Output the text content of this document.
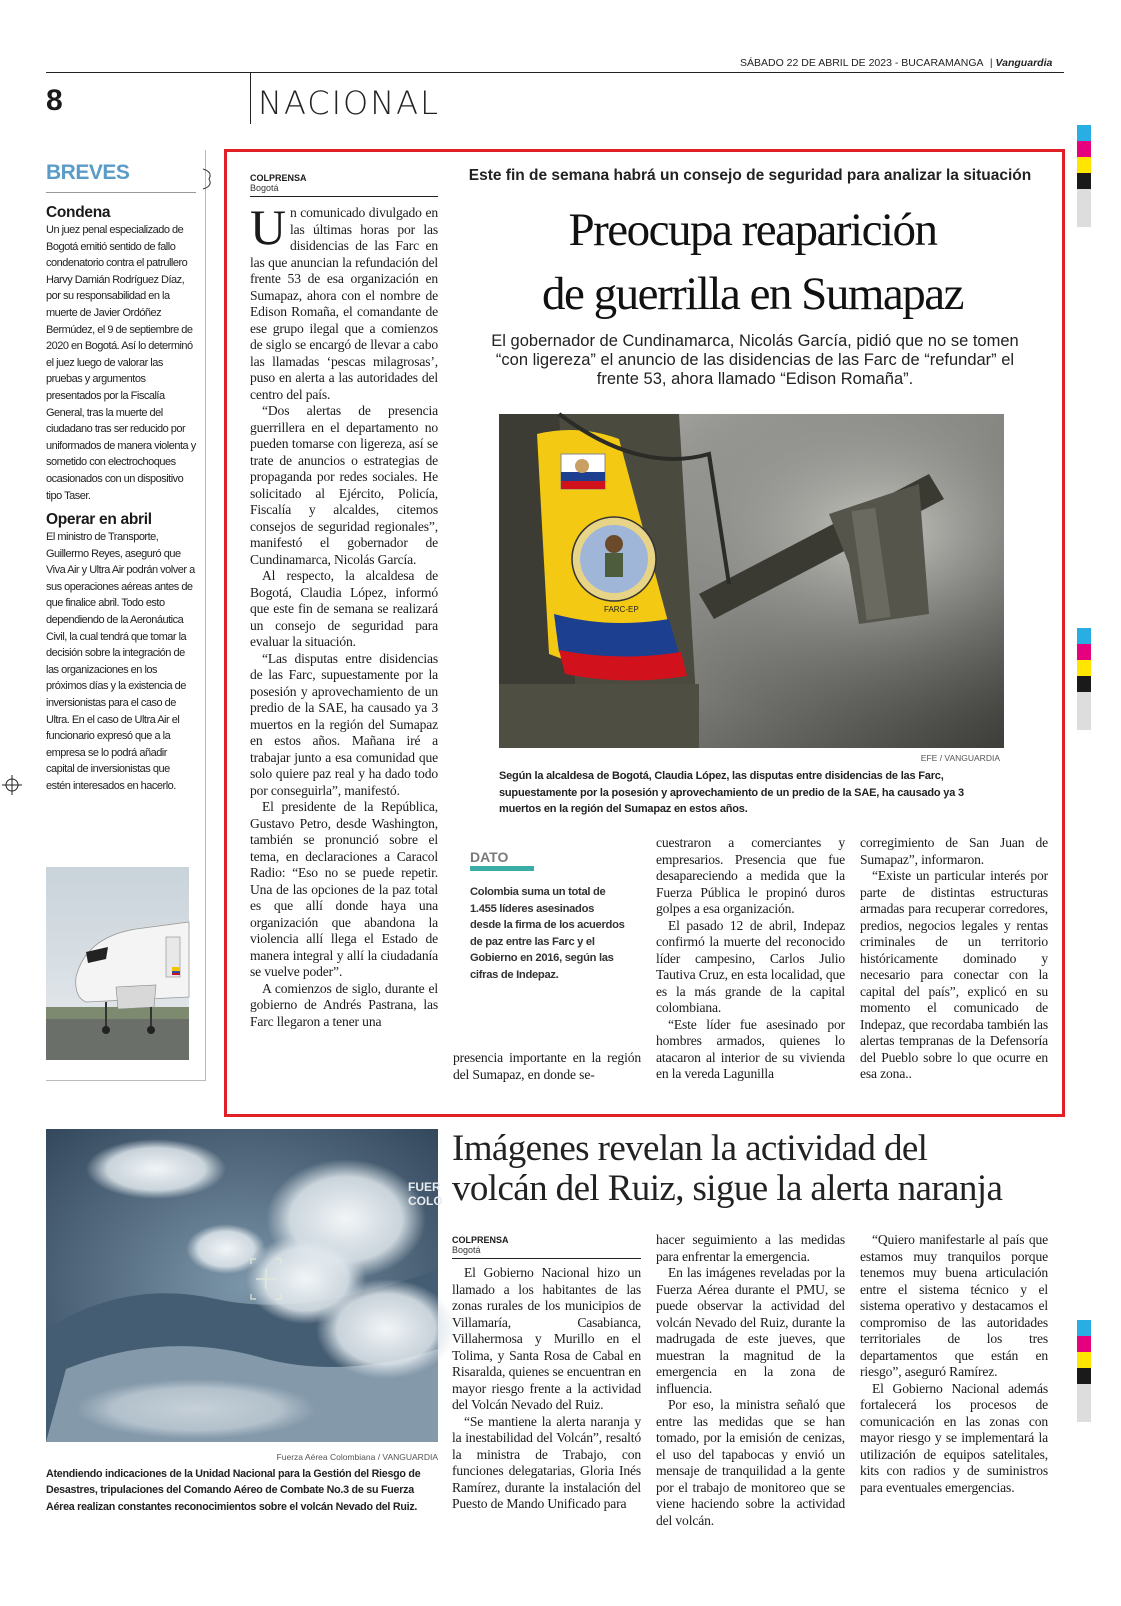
SÁBADO 22 DE ABRIL DE 2023 - BUCARAMANGA | Vanguardia
8	NACIONAL
BREVES
Condena
Un juez penal especializado de Bogotá emitió sentido de fallo condenatorio contra el patrullero Harvy Damián Rodríguez Díaz, por su responsabilidad en la muerte de Javier Ordóñez Bermúdez, el 9 de septiembre de 2020 en Bogotá. Así lo determinó el juez luego de valorar las pruebas y argumentos presentados por la Fiscalía General, tras la muerte del ciudadano tras ser reducido por uniformados de manera violenta y sometido con electrochoques ocasionados con un dispositivo tipo Taser.
Operar en abril
El ministro de Transporte, Guillermo Reyes, aseguró que Viva Air y Ultra Air podrán volver a sus operaciones aéreas antes de que finalice abril. Todo esto dependiendo de la Aeronáutica Civil, la cual tendrá que tomar la decisión sobre la integración de las organizaciones en los próximos días y la existencia de inversionistas para el caso de Ultra. En el caso de Ultra Air el funcionario expresó que a la empresa se lo podrá añadir capital de inversionistas que estén interesados en hacerlo.
COLPRENSA
Bogotá
Un comunicado divulgado en las últimas horas por las disidencias de las Farc en las que anuncian la refundación del frente 53 de esa organización en Sumapaz, ahora con el nombre de Edison Romaña, el comandante de ese grupo ilegal que a comienzos de siglo se encargó de llevar a cabo las llamadas ‘pescas milagrosas’, puso en alerta a las autoridades del centro del país.

“Dos alertas de presencia guerrillera en el departamento no pueden tomarse con ligereza, así se trate de anuncios o estrategias de propaganda por redes sociales. He solicitado al Ejército, Policía, Fiscalía y alcaldes, citemos consejos de seguridad regionales”, manifestó el gobernador de Cundinamarca, Nicolás García.

Al respecto, la alcaldesa de Bogotá, Claudia López, informó que este fin de semana se realizará un consejo de seguridad para evaluar la situación.

“Las disputas entre disidencias de las Farc, supuestamente por la posesión y aprovechamiento de un predio de la SAE, ha causado ya 3 muertos en la región del Sumapaz en estos años. Mañana iré a trabajar junto a esa comunidad que solo quiere paz real y ha dado todo por conseguirla”, manifestó.

El presidente de la República, Gustavo Petro, desde Washington, también se pronunció sobre el tema, en declaraciones a Caracol Radio: “Eso no se puede repetir. Una de las opciones de la paz total es que allí donde haya una organización que abandona la violencia allí llega el Estado de manera integral y allí la ciudadanía se vuelve poder”.

A comienzos de siglo, durante el gobierno de Andrés Pastrana, las Farc llegaron a tener una

Este fin de semana habrá un consejo de seguridad para analizar la situación
Preocupa reaparición
de guerrilla en Sumapaz
El gobernador de Cundinamarca, Nicolás García, pidió que no se tomen “con ligereza” el anuncio de las disidencias de las Farc de “refundar” el frente 53, ahora llamado “Edison Romaña”.
FARC-EP
EFE / VANGUARDIA
Según la alcaldesa de Bogotá, Claudia López, las disputas entre disidencias de las Farc, supuestamente por la posesión y aprovechamiento de un predio de la SAE, ha causado ya 3 muertos en la región del Sumapaz en estos años.
DATO
Colombia suma un total de 1.455 líderes asesinados desde la firma de los acuerdos de paz entre las Farc y el Gobierno en 2016, según las cifras de Indepaz.
presencia importante en la región del Sumapaz, en donde se-
cuestraron a comerciantes y empresarios. Presencia que fue desapareciendo a medida que la Fuerza Pública le propinó duros golpes a esa organización.

El pasado 12 de abril, Indepaz confirmó la muerte del reconocido líder campesino, Carlos Julio Tautiva Cruz, en esta localidad, que es la más grande de la capital colombiana.

“Este líder fue asesinado por hombres armados, quienes lo atacaron al interior de su vivienda en la vereda Lagunilla

corregimiento de San Juan de Sumapaz”, informaron.

“Existe un particular interés por parte de distintas estructuras armadas para recuperar corredores, predios, negocios legales y rentas criminales de un territorio históricamente dominado y necesario para conectar con la capital del país”, explicó en su momento el comunicado de Indepaz, que recordaba también las alertas tempranas de la Defensoría del Pueblo sobre lo que ocurre en esa zona..

FUER
COLO
Fuerza Aérea Colombiana / VANGUARDIA
Atendiendo indicaciones de la Unidad Nacional para la Gestión del Riesgo de Desastres, tripulaciones del Comando Aéreo de Combate No.3 de su Fuerza Aérea realizan constantes reconocimientos sobre el volcán Nevado del Ruiz.
Imágenes revelan la actividad del
volcán del Ruiz, sigue la alerta naranja
COLPRENSA
Bogotá

El Gobierno Nacional hizo un llamado a los habitantes de las zonas rurales de los municipios de Villamaría, Casabianca, Villahermosa y Murillo en el Tolima, y Santa Rosa de Cabal en Risaralda, quienes se encuentran en mayor riesgo frente a la actividad del Volcán Nevado del Ruiz.

“Se mantiene la alerta naranja y la inestabilidad del Volcán”, resaltó la ministra de Trabajo, con funciones delegatarias, Gloria Inés Ramírez, durante la instalación del Puesto de Mando Unificado para

hacer seguimiento a las medidas para enfrentar la emergencia.

En las imágenes reveladas por la Fuerza Aérea durante el PMU, se puede observar la actividad del volcán Nevado del Ruiz, durante la madrugada de este jueves, que muestran la magnitud de la emergencia en la zona de influencia.

Por eso, la ministra señaló que entre las medidas que se han tomado, por la emisión de cenizas, el uso del tapabocas y envió un mensaje de tranquilidad a la gente por el trabajo de monitoreo que se viene haciendo sobre la actividad del volcán.

“Quiero manifestarle al país que estamos muy tranquilos porque tenemos muy buena articulación entre el sistema técnico y el sistema operativo y destacamos el compromiso de las autoridades territoriales de los tres departamentos que están en riesgo”, aseguró Ramírez.

El Gobierno Nacional además fortalecerá los procesos de comunicación en las zonas con mayor riesgo y se implementará la utilización de equipos satelitales, kits con radios y de suministros para eventuales emergencias.
